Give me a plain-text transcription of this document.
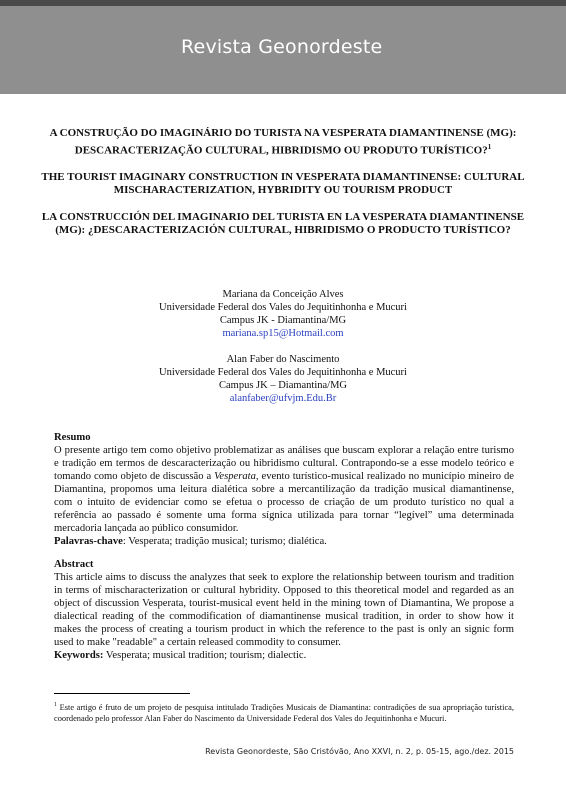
Revista Geonordeste

A CONSTRUÇÃO DO IMAGINÁRIO DO TURISTA NA VESPERATA DIAMANTINENSE (MG): DESCARACTERIZAÇÃO CULTURAL, HIBRIDISMO OU PRODUTO TURÍSTICO?$^1$

THE TOURIST IMAGINARY CONSTRUCTION IN VESPERATA DIAMANTINENSE: CULTURAL MISCHARACTERIZATION, HYBRIDITY OU TOURISM PRODUCT

LA CONSTRUCCIÓN DEL IMAGINARIO DEL TURISTA EN LA VESPERATA DIAMANTINENSE (MG): ¿DESCARACTERIZACIÓN CULTURAL, HIBRIDISMO O PRODUCTO TURÍSTICO?

Mariana da Conceição Alves
Universidade Federal dos Vales do Jequitinhonha e Mucuri
Campus JK - Diamantina/MG
mariana.sp15@Hotmail.com

Alan Faber do Nascimento
Universidade Federal dos Vales do Jequitinhonha e Mucuri
Campus JK – Diamantina/MG
alanfaber@ufvjm.Edu.Br

Resumo

O presente artigo tem como objetivo problematizar as análises que buscam explorar a relação entre turismo e tradição em termos de descaracterização ou hibridismo cultural. Contrapondo-se a esse modelo teórico e tomando como objeto de discussão a Vesperata, evento turístico-musical realizado no município mineiro de Diamantina, propomos uma leitura dialética sobre a mercantilização da tradição musical diamantinense, com o intuito de evidenciar como se efetua o processo de criação de um produto turístico no qual a referência ao passado é somente uma forma sígnica utilizada para tornar “legível” uma determinada mercadoria lançada ao público consumidor.

Palavras-chave: Vesperata; tradição musical; turismo; dialética.

Abstract

This article aims to discuss the analyzes that seek to explore the relationship between tourism and tradition in terms of mischaracterization or cultural hybridity. Opposed to this theoretical model and regarded as an object of discussion Vesperata, tourist-musical event held in the mining town of Diamantina, We propose a dialectical reading of the commodification of diamantinense musical tradition, in order to show how it makes the process of creating a tourism product in which the reference to the past is only an signic form used to make "readable" a certain released commodity to consumer.

Keywords: Vesperata; musical tradition; tourism; dialectic.

$^1$ Este artigo é fruto de um projeto de pesquisa intitulado Tradições Musicais de Diamantina: contradições de sua apropriação turística, coordenado pelo professor Alan Faber do Nascimento da Universidade Federal dos Vales do Jequitinhonha e Mucuri.
Revista Geonordeste, São Cristóvão, Ano XXVI, n. 2, p. 05-15, ago./dez. 2015
